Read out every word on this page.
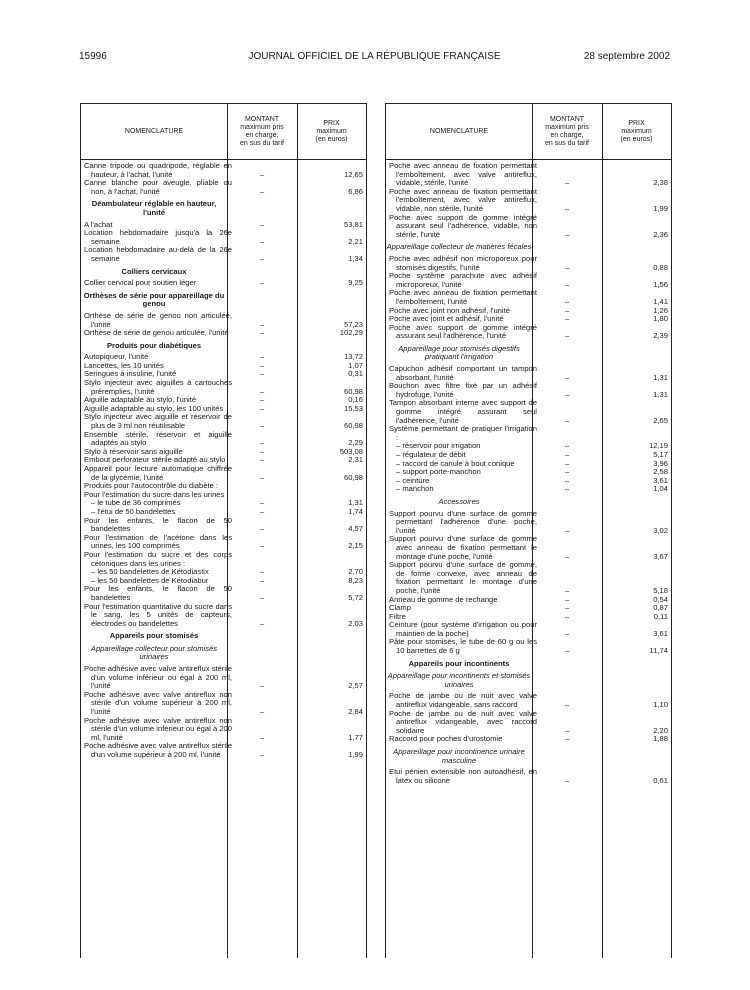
15996	JOURNAL OFFICIEL DE LA RÉPUBLIQUE FRANÇAISE	28 septembre 2002
NOMENCLATURE
MONTANT
maximum pris
en charge,
en sus du tarif
PRIX
maximum
(en euros)
Canne tripode ou quadripode, réglable en hauteur, à l'achat, l'unité	–	12,65
Canne blanche pour aveugle, pliable ou non, à l'achat, l'unité	–	6,86
Déambulateur réglable en hauteur, l'unité
A l'achat	–	53,81
Location hebdomadaire jusqu'à la 26e semaine	–	2,21
Location hebdomadaire au-delà de la 26e semaine	–	1,34
Colliers cervicaux
Collier cervical pour soutien léger	–	9,25
Orthèses de série pour appareillage du genou
Orthèse de série de genou non articulée, l'unité	–	57,23
Orthèse de série de genou articulée, l'unité	–	102,29
Produits pour diabétiques
Autopiqueur, l'unité	–	13,72
Lancettes, les 10 unités	–	1,07
Seringues à insuline, l'unité	–	0,31
Stylo injecteur avec aiguilles à cartouches préremplies, l'unité	–	60,98
Aiguille adaptable au stylo, l'unité	–	0,16
Aiguille adaptable au stylo, les 100 unités	–	15,53
Stylo injecteur avec aiguille et réservoir de plus de 3 ml non réutilisable	–	60,98
Ensemble stérile, réservoir et aiguille adaptés au stylo	–	2,29
Stylo à réservoir sans aiguille	–	503,08
Embout perforateur stérile adapté au stylo	–	2,31
Appareil pour lecture automatique chiffrée de la glycémie, l'unité	–	60,98
Produits pour l'autocontrôle du diabète :
Pour l'estimation du sucre dans les urines :
– le tube de 36 comprimés	–	1,31
– l'étui de 50 bandelettes	–	1,74
Pour les enfants, le flacon de 50 bandelettes	–	4,57
Pour l'estimation de l'acétone dans les urines, les 100 comprimés	–	2,15
Pour l'estimation du sucre et des corps cétoniques dans les urines :
– les 50 bandelettes de Kétodiastix	–	2,70
– les 50 bandelettes de Kétodiabur	–	8,23
Pour les enfants, le flacon de 50 bandelettes	–	5,72
Pour l'estimation quantitative du sucre dans le sang, les 5 unités de capteurs, électrodes ou bandelettes	–	2,03
Appareils pour stomisés
Appareillage collecteur pour stomisés urinaires
Poche adhésive avec valve antireflux stérile d'un volume inférieur ou égal à 200 ml, l'unité	–	2,57
Poche adhésive avec valve antireflux non stérile d'un volume supérieur à 200 ml, l'unité	–	2,84
Poche adhésive avec valve antireflux non stérile d'un volume inférieur ou égal à 200 ml, l'unité	–	1,77
Poche adhésive avec valve antireflux stérile d'un volume supérieur à 200 ml, l'unité	–	1,99
NOMENCLATURE
MONTANT
maximum pris
en charge,
en sus du tarif
PRIX
maximum
(en euros)
Poche avec anneau de fixation permettant l'emboîtement, avec valve antireflux, vidable, stérile, l'unité	–	2,38
Poche avec anneau de fixation permettant l'emboîtement, avec valve antireflux, vidable, non stérile, l'unité	–	1,99
Poche avec support de gomme intégré assurant seul l'adhérence, vidable, non stérile, l'unité	–	2,36
Appareillage collecteur de matières fécales
Poche avec adhésif non microporeux pour stomisés digestifs, l'unité	–	0,88
Poche système parachute avec adhésif microporeux, l'unité	–	1,56
Poche avec anneau de fixation permettant l'emboîtement, l'unité	–	1,41
Poche avec joint non adhésif, l'unité	–	1,26
Poche avec joint et adhésif, l'unité	–	1,80
Poche avec support de gomme intégré assurant seul l'adhérence, l'unité	–	2,39
Appareillage pour stomisés digestifs pratiquant l'irrigation
Capuchon adhésif comportant un tampon absorbant, l'unité	–	1,31
Bouchon avec filtre fixé par un adhésif hydrofuge, l'unité	–	1,31
Tampon absorbant interne avec support de gomme intégré assurant seul l'adhérence, l'unité	–	2,65
Système permettant de pratiquer l'irrigation :
– réservoir pour irrigation	–	12,19
– régulateur de débit	–	5,17
– raccord de canule à bout conique	–	3,96
– support porte-manchon	–	2,58
– ceinture	–	3,61
– manchon	–	1,04
Accessoires
Support pourvu d'une surface de gomme permettant l'adhérence d'une poche, l'unité	–	3,02
Support pourvu d'une surface de gomme avec anneau de fixation permettant le montage d'une poche, l'unité	–	3,67
Support pourvu d'une surface de gomme, de forme convexe, avec anneau de fixation permettant le montage d'une poche, l'unité	–	5,18
Anneau de gomme de rechange	–	0,54
Clamp	–	0,87
Filtre	–	0,11
Ceinture (pour système d'irrigation ou pour maintien de la poche)	–	3,61
Pâte pour stomisés, le tube de 60 g ou les 10 barrettes de 6 g	–	11,74
Appareils pour incontinents
Appareillage pour incontinents et stomisés urinaires
Poche de jambe ou de nuit avec valve antireflux vidangeable, sans raccord	–	1,10
Poche de jambe ou de nuit avec valve antireflux vidangeable, avec raccord solidaire	–	2,20
Raccord pour poches d'urostomie	–	1,88
Appareillage pour incontinence urinaire masculine
Etui pénien extensible non autoadhésif, en latex ou silicone	–	0,61
